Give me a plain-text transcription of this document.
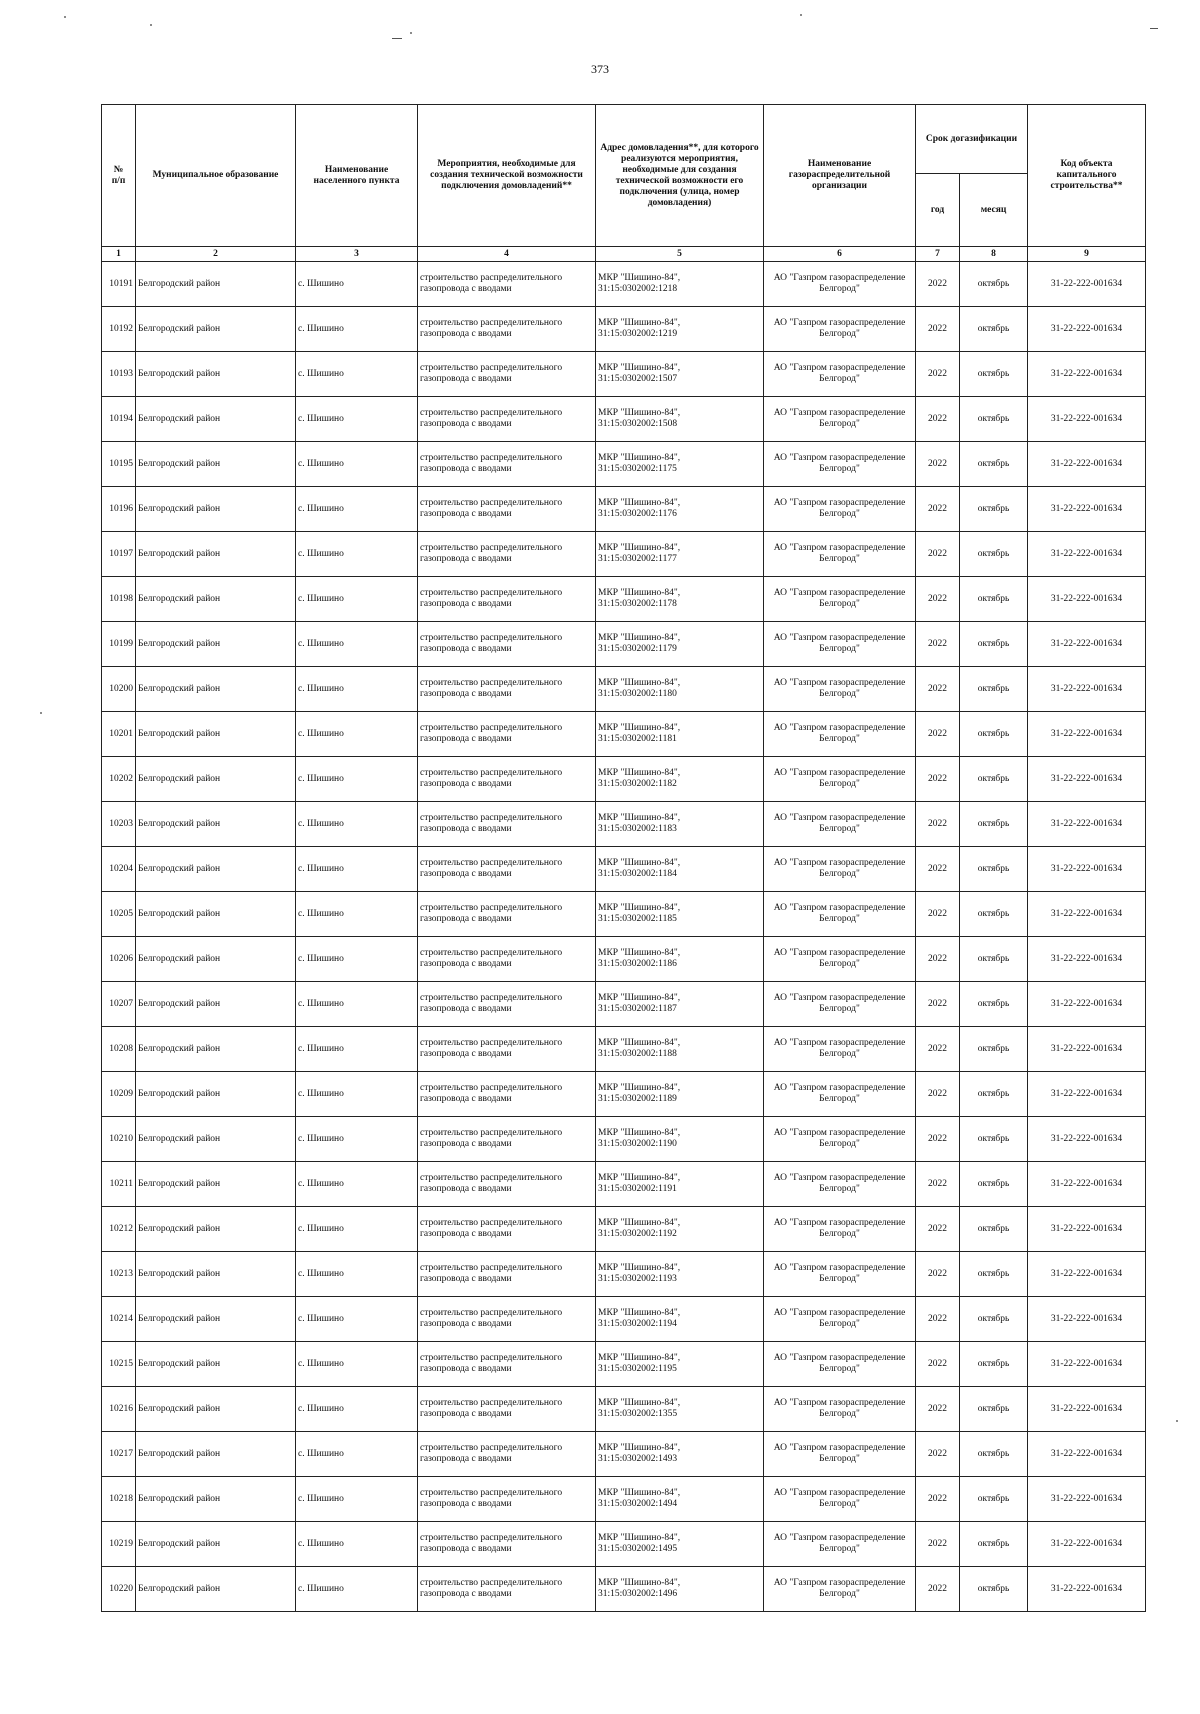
373
№
п/п	Муниципальное образование	Наименование населенного пункта	Мероприятия, необходимые для создания технической возможности подключения домовладений**	Адрес домовладения**, для которого реализуются мероприятия, необходимые для создания технической возможности его подключения (улица, номер домовладения)	Наименование газораспределительной организации	Срок догазификации		Код объекта капитального строительства**
						год	месяц	
1	2	3	4	5	6	7	8	9
10191	Белгородский район	с. Шишино	строительство распределительного газопровода с вводами	МКР "Шишино-84", 31:15:0302002:1218	АО "Газпром газораспределение Белгород"	2022	октябрь	31-22-222-001634
10192	Белгородский район	с. Шишино	строительство распределительного газопровода с вводами	МКР "Шишино-84", 31:15:0302002:1219	АО "Газпром газораспределение Белгород"	2022	октябрь	31-22-222-001634
10193	Белгородский район	с. Шишино	строительство распределительного газопровода с вводами	МКР "Шишино-84", 31:15:0302002:1507	АО "Газпром газораспределение Белгород"	2022	октябрь	31-22-222-001634
10194	Белгородский район	с. Шишино	строительство распределительного газопровода с вводами	МКР "Шишино-84", 31:15:0302002:1508	АО "Газпром газораспределение Белгород"	2022	октябрь	31-22-222-001634
10195	Белгородский район	с. Шишино	строительство распределительного газопровода с вводами	МКР "Шишино-84", 31:15:0302002:1175	АО "Газпром газораспределение Белгород"	2022	октябрь	31-22-222-001634
10196	Белгородский район	с. Шишино	строительство распределительного газопровода с вводами	МКР "Шишино-84", 31:15:0302002:1176	АО "Газпром газораспределение Белгород"	2022	октябрь	31-22-222-001634
10197	Белгородский район	с. Шишино	строительство распределительного газопровода с вводами	МКР "Шишино-84", 31:15:0302002:1177	АО "Газпром газораспределение Белгород"	2022	октябрь	31-22-222-001634
10198	Белгородский район	с. Шишино	строительство распределительного газопровода с вводами	МКР "Шишино-84", 31:15:0302002:1178	АО "Газпром газораспределение Белгород"	2022	октябрь	31-22-222-001634
10199	Белгородский район	с. Шишино	строительство распределительного газопровода с вводами	МКР "Шишино-84", 31:15:0302002:1179	АО "Газпром газораспределение Белгород"	2022	октябрь	31-22-222-001634
10200	Белгородский район	с. Шишино	строительство распределительного газопровода с вводами	МКР "Шишино-84", 31:15:0302002:1180	АО "Газпром газораспределение Белгород"	2022	октябрь	31-22-222-001634
10201	Белгородский район	с. Шишино	строительство распределительного газопровода с вводами	МКР "Шишино-84", 31:15:0302002:1181	АО "Газпром газораспределение Белгород"	2022	октябрь	31-22-222-001634
10202	Белгородский район	с. Шишино	строительство распределительного газопровода с вводами	МКР "Шишино-84", 31:15:0302002:1182	АО "Газпром газораспределение Белгород"	2022	октябрь	31-22-222-001634
10203	Белгородский район	с. Шишино	строительство распределительного газопровода с вводами	МКР "Шишино-84", 31:15:0302002:1183	АО "Газпром газораспределение Белгород"	2022	октябрь	31-22-222-001634
10204	Белгородский район	с. Шишино	строительство распределительного газопровода с вводами	МКР "Шишино-84", 31:15:0302002:1184	АО "Газпром газораспределение Белгород"	2022	октябрь	31-22-222-001634
10205	Белгородский район	с. Шишино	строительство распределительного газопровода с вводами	МКР "Шишино-84", 31:15:0302002:1185	АО "Газпром газораспределение Белгород"	2022	октябрь	31-22-222-001634
10206	Белгородский район	с. Шишино	строительство распределительного газопровода с вводами	МКР "Шишино-84", 31:15:0302002:1186	АО "Газпром газораспределение Белгород"	2022	октябрь	31-22-222-001634
10207	Белгородский район	с. Шишино	строительство распределительного газопровода с вводами	МКР "Шишино-84", 31:15:0302002:1187	АО "Газпром газораспределение Белгород"	2022	октябрь	31-22-222-001634
10208	Белгородский район	с. Шишино	строительство распределительного газопровода с вводами	МКР "Шишино-84", 31:15:0302002:1188	АО "Газпром газораспределение Белгород"	2022	октябрь	31-22-222-001634
10209	Белгородский район	с. Шишино	строительство распределительного газопровода с вводами	МКР "Шишино-84", 31:15:0302002:1189	АО "Газпром газораспределение Белгород"	2022	октябрь	31-22-222-001634
10210	Белгородский район	с. Шишино	строительство распределительного газопровода с вводами	МКР "Шишино-84", 31:15:0302002:1190	АО "Газпром газораспределение Белгород"	2022	октябрь	31-22-222-001634
10211	Белгородский район	с. Шишино	строительство распределительного газопровода с вводами	МКР "Шишино-84", 31:15:0302002:1191	АО "Газпром газораспределение Белгород"	2022	октябрь	31-22-222-001634
10212	Белгородский район	с. Шишино	строительство распределительного газопровода с вводами	МКР "Шишино-84", 31:15:0302002:1192	АО "Газпром газораспределение Белгород"	2022	октябрь	31-22-222-001634
10213	Белгородский район	с. Шишино	строительство распределительного газопровода с вводами	МКР "Шишино-84", 31:15:0302002:1193	АО "Газпром газораспределение Белгород"	2022	октябрь	31-22-222-001634
10214	Белгородский район	с. Шишино	строительство распределительного газопровода с вводами	МКР "Шишино-84", 31:15:0302002:1194	АО "Газпром газораспределение Белгород"	2022	октябрь	31-22-222-001634
10215	Белгородский район	с. Шишино	строительство распределительного газопровода с вводами	МКР "Шишино-84", 31:15:0302002:1195	АО "Газпром газораспределение Белгород"	2022	октябрь	31-22-222-001634
10216	Белгородский район	с. Шишино	строительство распределительного газопровода с вводами	МКР "Шишино-84", 31:15:0302002:1355	АО "Газпром газораспределение Белгород"	2022	октябрь	31-22-222-001634
10217	Белгородский район	с. Шишино	строительство распределительного газопровода с вводами	МКР "Шишино-84", 31:15:0302002:1493	АО "Газпром газораспределение Белгород"	2022	октябрь	31-22-222-001634
10218	Белгородский район	с. Шишино	строительство распределительного газопровода с вводами	МКР "Шишино-84", 31:15:0302002:1494	АО "Газпром газораспределение Белгород"	2022	октябрь	31-22-222-001634
10219	Белгородский район	с. Шишино	строительство распределительного газопровода с вводами	МКР "Шишино-84", 31:15:0302002:1495	АО "Газпром газораспределение Белгород"	2022	октябрь	31-22-222-001634
10220	Белгородский район	с. Шишино	строительство распределительного газопровода с вводами	МКР "Шишино-84", 31:15:0302002:1496	АО "Газпром газораспределение Белгород"	2022	октябрь	31-22-222-001634
